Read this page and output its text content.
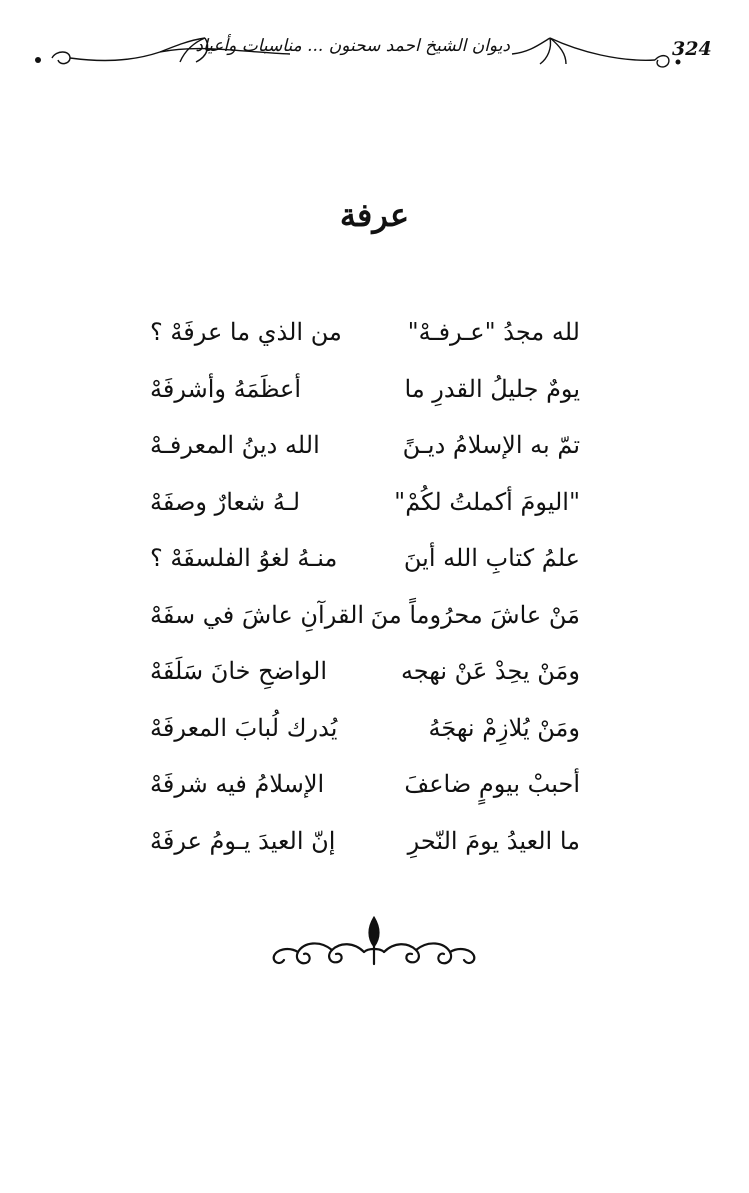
ديوان الشيخ احمد سحنون ... مناسبات وأعياد	324
عرفة
لله مجدُ "عـرفـهْ"
من الذي ما عرفَهْ ؟
يومٌ جليلُ القدرِ ما
أعظَمَهُ وأشرفَهْ
تمّ به الإسلامُ ديـنً
الله دينُ المعرفـهْ
"اليومَ أكملتُ لكُمْ"
لـهُ شعارٌ وصفَهْ
علمُ كتابِ الله أينَ
منـهُ لغوُ الفلسفَهْ ؟
مَنْ عاشَ محرُوماً منَ
القرآنِ عاشَ في سفَهْ
ومَنْ يحِدْ عَنْ نهجه
الواضحِ خانَ سَلَفَهْ
ومَنْ يُلازِمْ نهجَهُ
يُدرك لُبابَ المعرفَهْ
أحببْ بيومٍ ضاعفَ
الإسلامُ فيه شرفَهْ
ما العيدُ يومَ النّحرِ
إنّ العيدَ يـومُ عرفَهْ
